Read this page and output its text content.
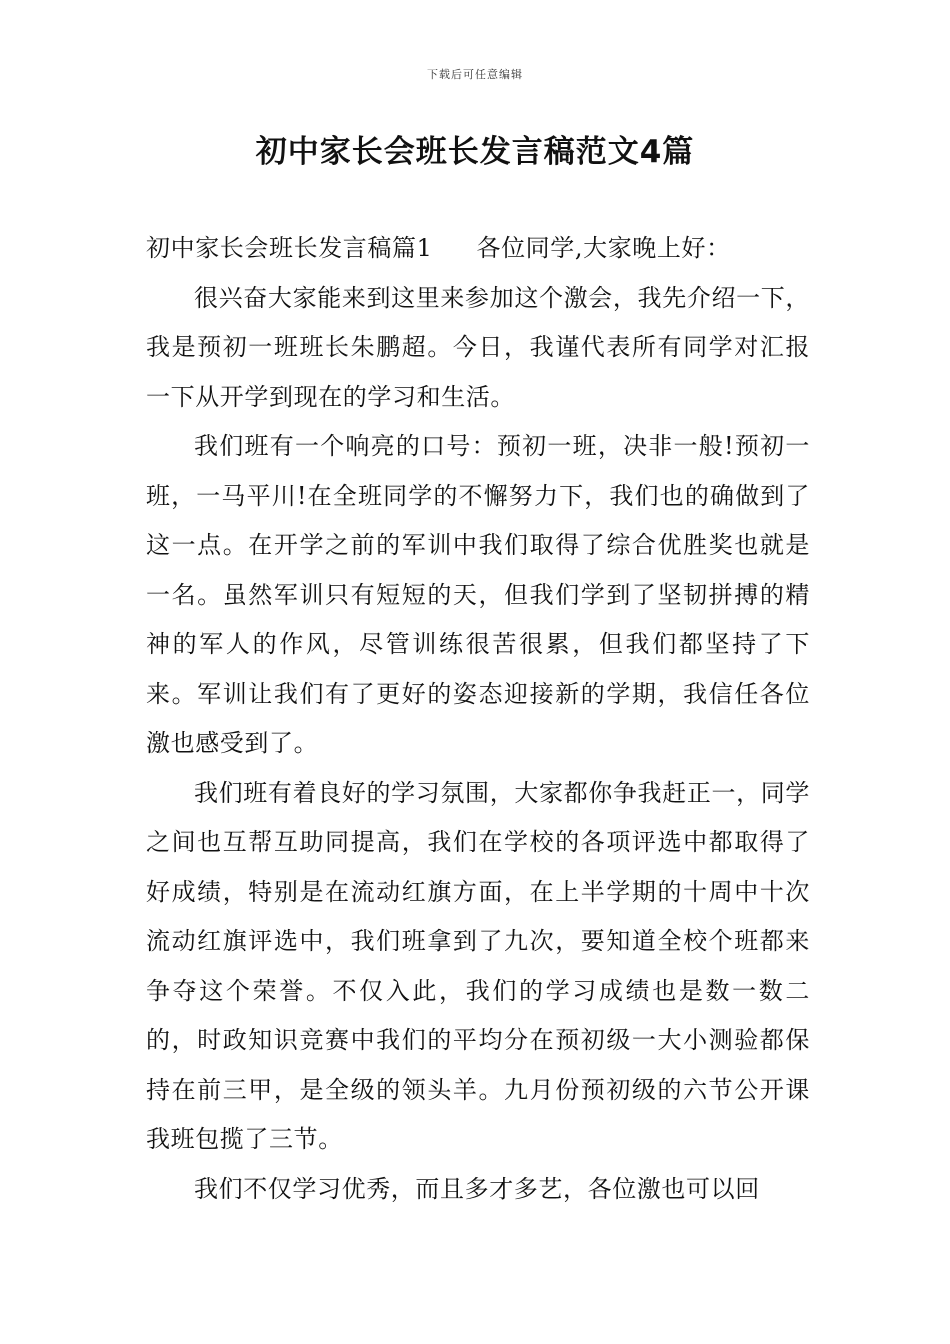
下载后可任意编辑
初中家长会班长发言稿范文4篇

初中家长会班长发言稿篇1 各位同学,大家晚上好：

很兴奋大家能来到这里来参加这个激会，我先介绍一下，我是预初一班班长朱鹏超。今日，我谨代表所有同学对汇报一下从开学到现在的学习和生活。

我们班有一个响亮的口号：预初一班，决非一般!预初一班，一马平川!在全班同学的不懈努力下，我们也的确做到了这一点。在开学之前的军训中我们取得了综合优胜奖也就是一名。虽然军训只有短短的天，但我们学到了坚韧拼搏的精神的军人的作风，尽管训练很苦很累，但我们都坚持了下来。军训让我们有了更好的姿态迎接新的学期，我信任各位激也感受到了。

我们班有着良好的学习氛围，大家都你争我赶正一，同学之间也互帮互助同提高，我们在学校的各项评选中都取得了好成绩，特别是在流动红旗方面，在上半学期的十周中十次流动红旗评选中，我们班拿到了九次，要知道全校个班都来争夺这个荣誉。不仅入此，我们的学习成绩也是数一数二的，时政知识竞赛中我们的平均分在预初级一大小测验都保持在前三甲，是全级的领头羊。九月份预初级的六节公开课我班包揽了三节。

我们不仅学习优秀，而且多才多艺，各位激也可以回
